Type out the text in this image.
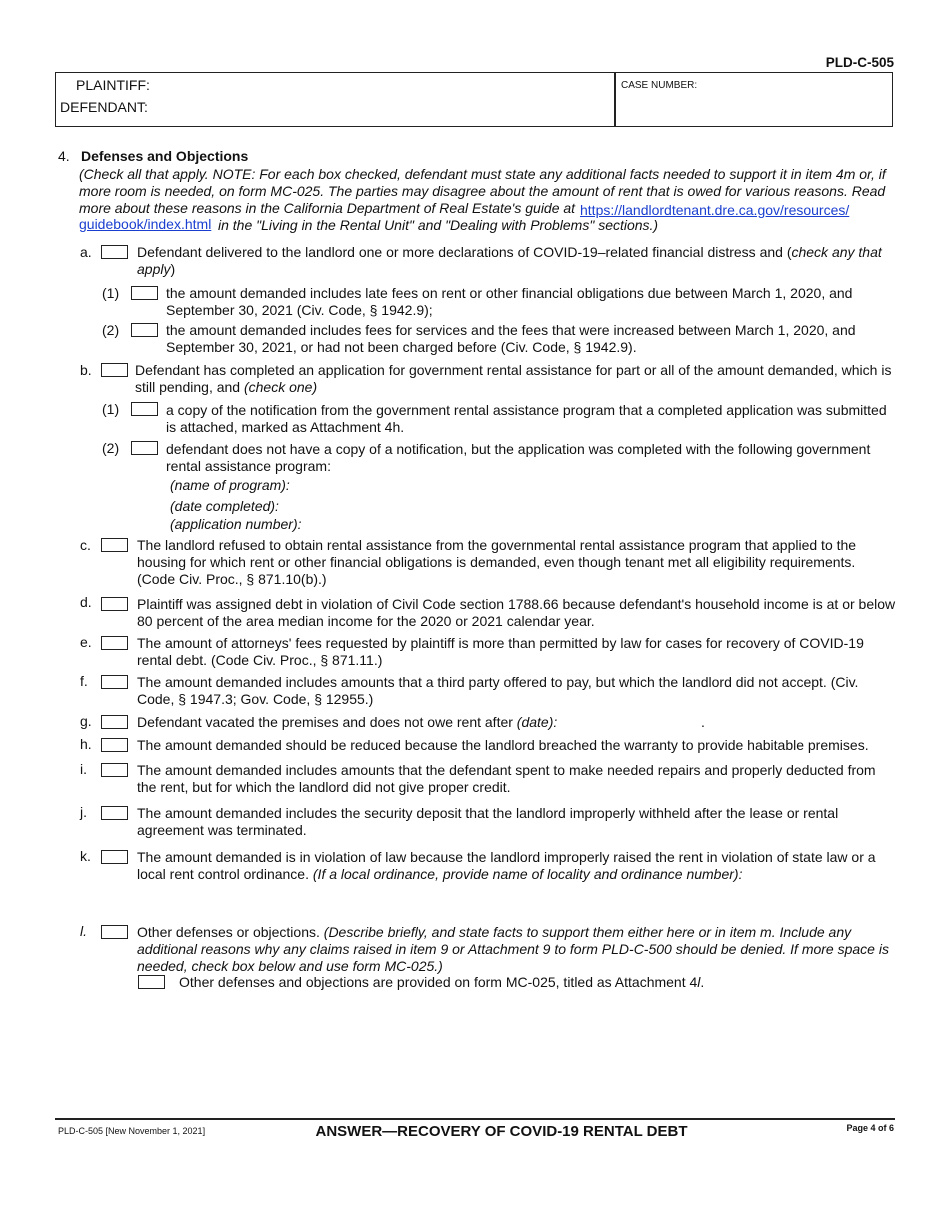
PLD-C-505
PLAINTIFF:
DEFENDANT:
CASE NUMBER:
4. Defenses and Objections
(Check all that apply. NOTE: For each box checked, defendant must state any additional facts needed to support it in item 4m or, if
more room is needed, on form MC-025. The parties may disagree about the amount of rent that is owed for various reasons. Read
more about these reasons in the California Department of Real Estate's guide at https://landlordtenant.dre.ca.gov/resources/
guidebook/index.html in the "Living in the Rental Unit" and "Dealing with Problems" sections.)
a.	Defendant delivered to the landlord one or more declarations of COVID-19–related financial distress and (check any that
apply)
(1)	the amount demanded includes late fees on rent or other financial obligations due between March 1, 2020, and
September 30, 2021 (Civ. Code, § 1942.9);
(2)	the amount demanded includes fees for services and the fees that were increased between March 1, 2020, and
September 30, 2021, or had not been charged before (Civ. Code, § 1942.9).
b.	Defendant has completed an application for government rental assistance for part or all of the amount demanded, which is
still pending, and (check one)
(1)	a copy of the notification from the government rental assistance program that a completed application was submitted
is attached, marked as Attachment 4h.
(2)	defendant does not have a copy of a notification, but the application was completed with the following government
rental assistance program:
(name of program):
(date completed):
(application number):
c.	The landlord refused to obtain rental assistance from the governmental rental assistance program that applied to the
housing for which rent or other financial obligations is demanded, even though tenant met all eligibility requirements.
(Code Civ. Proc., § 871.10(b).)
d.	Plaintiff was assigned debt in violation of Civil Code section 1788.66 because defendant's household income is at or below
80 percent of the area median income for the 2020 or 2021 calendar year.
e.	The amount of attorneys' fees requested by plaintiff is more than permitted by law for cases for recovery of COVID-19
rental debt. (Code Civ. Proc., § 871.11.)
f.	The amount demanded includes amounts that a third party offered to pay, but which the landlord did not accept. (Civ.
Code, § 1947.3; Gov. Code, § 12955.)
g.	Defendant vacated the premises and does not owe rent after (date):	.
h.	The amount demanded should be reduced because the landlord breached the warranty to provide habitable premises.
i.	The amount demanded includes amounts that the defendant spent to make needed repairs and properly deducted from
the rent, but for which the landlord did not give proper credit.
j.	The amount demanded includes the security deposit that the landlord improperly withheld after the lease or rental
agreement was terminated.
k.	The amount demanded is in violation of law because the landlord improperly raised the rent in violation of state law or a
local rent control ordinance. (If a local ordinance, provide name of locality and ordinance number):
l.	Other defenses or objections. (Describe briefly, and state facts to support them either here or in item m. Include any
additional reasons why any claims raised in item 9 or Attachment 9 to form PLD-C-500 should be denied. If more space is
needed, check box below and use form MC-025.)
Other defenses and objections are provided on form MC-025, titled as Attachment 4l.
PLD-C-505 [New November 1, 2021]	ANSWER—RECOVERY OF COVID-19 RENTAL DEBT	Page 4 of 6
